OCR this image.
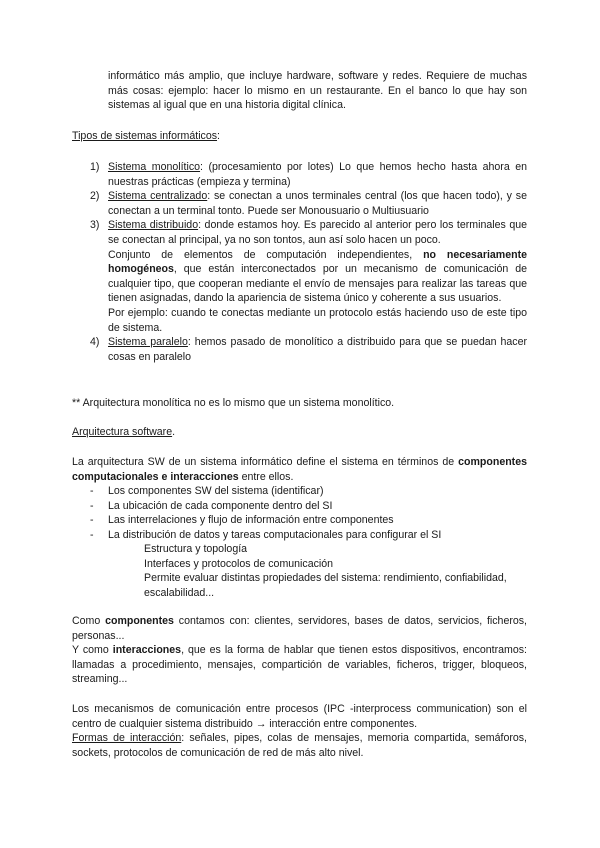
informático más amplio, que incluye hardware, software y redes. Requiere de muchas más cosas: ejemplo: hacer lo mismo en un restaurante. En el banco lo que hay son sistemas al igual que en una historia digital clínica.

Tipos de sistemas informáticos:

1) Sistema monolítico: (procesamiento por lotes) Lo que hemos hecho hasta ahora en nuestras prácticas (empieza y termina)
2) Sistema centralizado: se conectan a unos terminales central (los que hacen todo), y se conectan a un terminal tonto. Puede ser Monousuario o Multiusuario
3) Sistema distribuido: donde estamos hoy. Es parecido al anterior pero los terminales que se conectan al principal, ya no son tontos, aun así solo hacen un poco.

Conjunto de elementos de computación independientes, no necesariamente homogéneos, que están interconectados por un mecanismo de comunicación de cualquier tipo, que cooperan mediante el envío de mensajes para realizar las tareas que tienen asignadas, dando la apariencia de sistema único y coherente a sus usuarios.

Por ejemplo: cuando te conectas mediante un protocolo estás haciendo uso de este tipo de sistema.

4) Sistema paralelo: hemos pasado de monolítico a distribuido para que se puedan hacer cosas en paralelo

** Arquitectura monolítica no es lo mismo que un sistema monolítico.

Arquitectura software.

La arquitectura SW de un sistema informático define el sistema en términos de componentes computacionales e interacciones entre ellos.

- Los componentes SW del sistema (identificar)
- La ubicación de cada componente dentro del SI
- Las interrelaciones y flujo de información entre componentes
- La distribución de datos y tareas computacionales para configurar el SI
Estructura y topología
Interfaces y protocolos de comunicación
Permite evaluar distintas propiedades del sistema: rendimiento, confiabilidad, escalabilidad...

Como componentes contamos con: clientes, servidores, bases de datos, servicios, ficheros, personas...

Y como interacciones, que es la forma de hablar que tienen estos dispositivos, encontramos: llamadas a procedimiento, mensajes, compartición de variables, ficheros, trigger, bloqueos, streaming...

Los mecanismos de comunicación entre procesos (IPC -interprocess communication) son el centro de cualquier sistema distribuido → interacción entre componentes.

Formas de interacción: señales, pipes, colas de mensajes, memoria compartida, semáforos, sockets, protocolos de comunicación de red de más alto nivel.
